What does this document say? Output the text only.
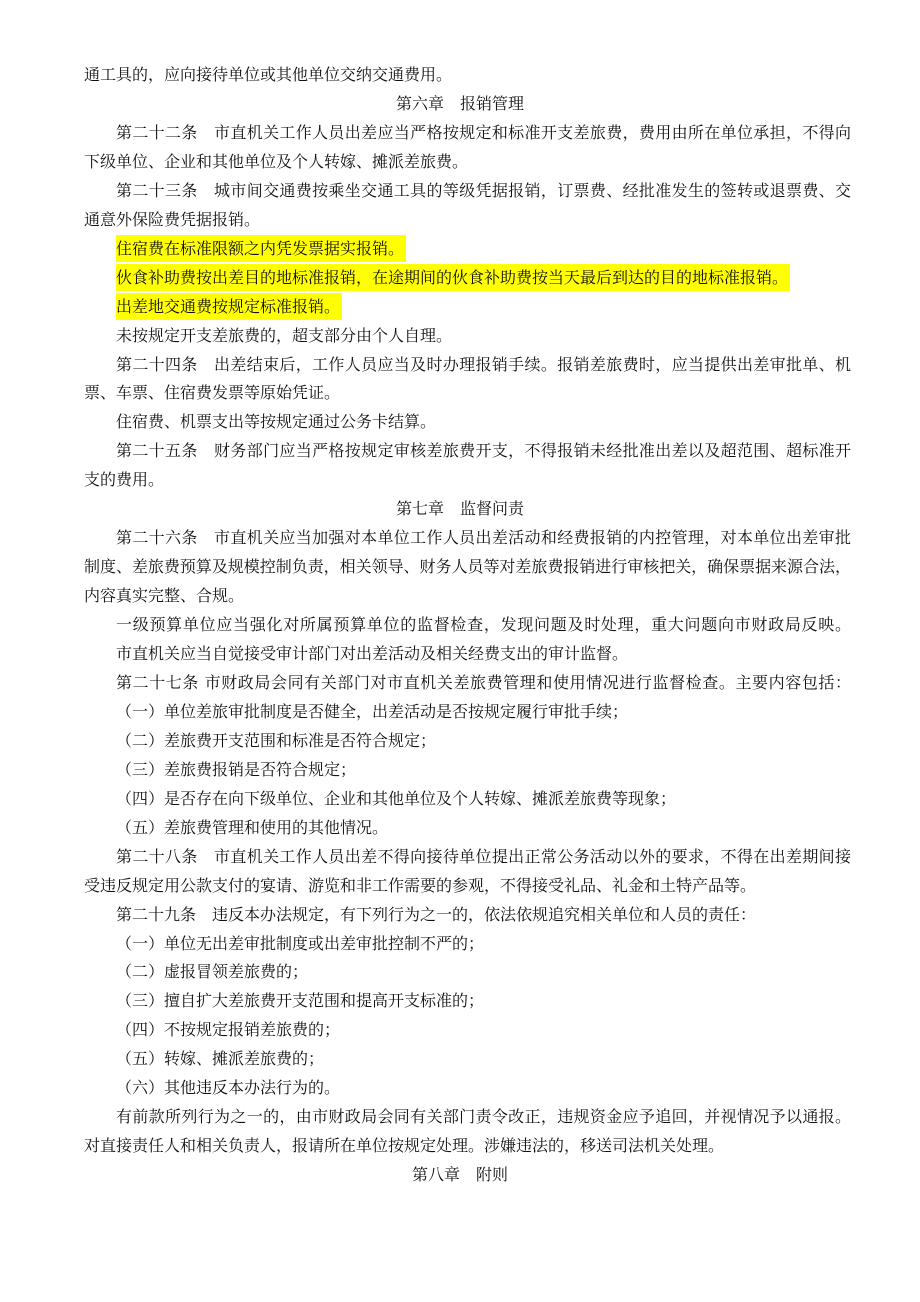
通工具的，应向接待单位或其他单位交纳交通费用。
第六章　报销管理
第二十二条　市直机关工作人员出差应当严格按规定和标准开支差旅费，费用由所在单位承担，不得向
下级单位、企业和其他单位及个人转嫁、摊派差旅费。
第二十三条　城市间交通费按乘坐交通工具的等级凭据报销，订票费、经批准发生的签转或退票费、交
通意外保险费凭据报销。
住宿费在标准限额之内凭发票据实报销。
伙食补助费按出差目的地标准报销，在途期间的伙食补助费按当天最后到达的目的地标准报销。
出差地交通费按规定标准报销。
未按规定开支差旅费的，超支部分由个人自理。
第二十四条　出差结束后，工作人员应当及时办理报销手续。报销差旅费时，应当提供出差审批单、机
票、车票、住宿费发票等原始凭证。
住宿费、机票支出等按规定通过公务卡结算。
第二十五条　财务部门应当严格按规定审核差旅费开支，不得报销未经批准出差以及超范围、超标准开
支的费用。
第七章　监督问责
第二十六条　市直机关应当加强对本单位工作人员出差活动和经费报销的内控管理，对本单位出差审批
制度、差旅费预算及规模控制负责，相关领导、财务人员等对差旅费报销进行审核把关，确保票据来源合法，
内容真实完整、合规。
一级预算单位应当强化对所属预算单位的监督检查，发现问题及时处理，重大问题向市财政局反映。
市直机关应当自觉接受审计部门对出差活动及相关经费支出的审计监督。
第二十七条 市财政局会同有关部门对市直机关差旅费管理和使用情况进行监督检查。主要内容包括：
（一）单位差旅审批制度是否健全，出差活动是否按规定履行审批手续；
（二）差旅费开支范围和标准是否符合规定；
（三）差旅费报销是否符合规定；
（四）是否存在向下级单位、企业和其他单位及个人转嫁、摊派差旅费等现象；
（五）差旅费管理和使用的其他情况。
第二十八条　市直机关工作人员出差不得向接待单位提出正常公务活动以外的要求，不得在出差期间接
受违反规定用公款支付的宴请、游览和非工作需要的参观，不得接受礼品、礼金和土特产品等。
第二十九条　违反本办法规定，有下列行为之一的，依法依规追究相关单位和人员的责任：
（一）单位无出差审批制度或出差审批控制不严的；
（二）虚报冒领差旅费的；
（三）擅自扩大差旅费开支范围和提高开支标准的；
（四）不按规定报销差旅费的；
（五）转嫁、摊派差旅费的；
（六）其他违反本办法行为的。
有前款所列行为之一的，由市财政局会同有关部门责令改正，违规资金应予追回，并视情况予以通报。
对直接责任人和相关负责人，报请所在单位按规定处理。涉嫌违法的，移送司法机关处理。
第八章　附则
